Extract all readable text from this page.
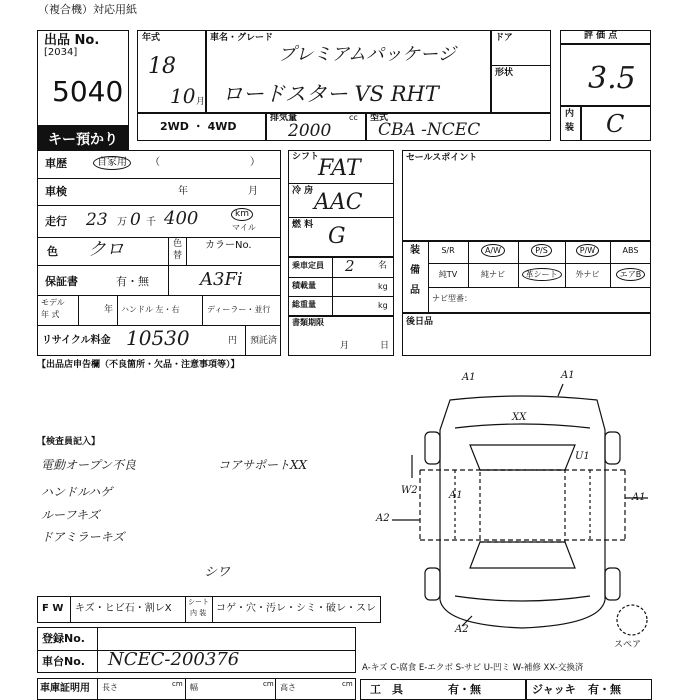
（複合機）対応用紙
出品 No.
[2034]
5040
キー預かり
年式
18
10 月
車名・グレード
プレミアムパッケージ
ロードスター VS RHT
ドア
形状
2WD ・ 4WD
排気量	cc
2000
型式
CBA -NCEC
評 価 点
3.5
内
装 C
車歴	自家用	（	）
車検	年	月
走行 23 万 0 千 400	km
マイル
色 クロ	色
替
カラーNo.
保証書	有・無	A3Fi
モデル
年 式	年 ハンドル 左・右	ディーラー・並行
リサイクル料金 10530	円 預託済
シフト
FAT
冷 房 AAC
燃 料 G
乗車定員 2	名
積載量	kg
総重量	kg
書類期限
月	日
セールスポイント
装
備
品
S/R	A/W	P/S	P/W	ABS
純TV	純ナビ	革シート	外ナビ	エアB
ナビ型番：
後日品
【出品店申告欄（不良箇所・欠品・注意事項等）】
【検査員記入】
電動オープン不良
ハンドルハゲ
ルーフキズ
ドアミラーキズ
コアサポートXX
シワ
A1	A1
XX
U1
W2	A1	A1
A2
A2
スペア
F W キズ・ヒビ石・割レX
シート
内 装 コゲ・穴・汚レ・シミ・破レ・スレ
登録No.
車台No. NCEC-200376
車庫証明用 長さ	cm 幅	cm 高さ	cm
A-キズ C-腐食 E-エクボ S-サビ U-凹ミ W-補修 XX-交換済
工　具	有・無	ジャッキ 有・無
